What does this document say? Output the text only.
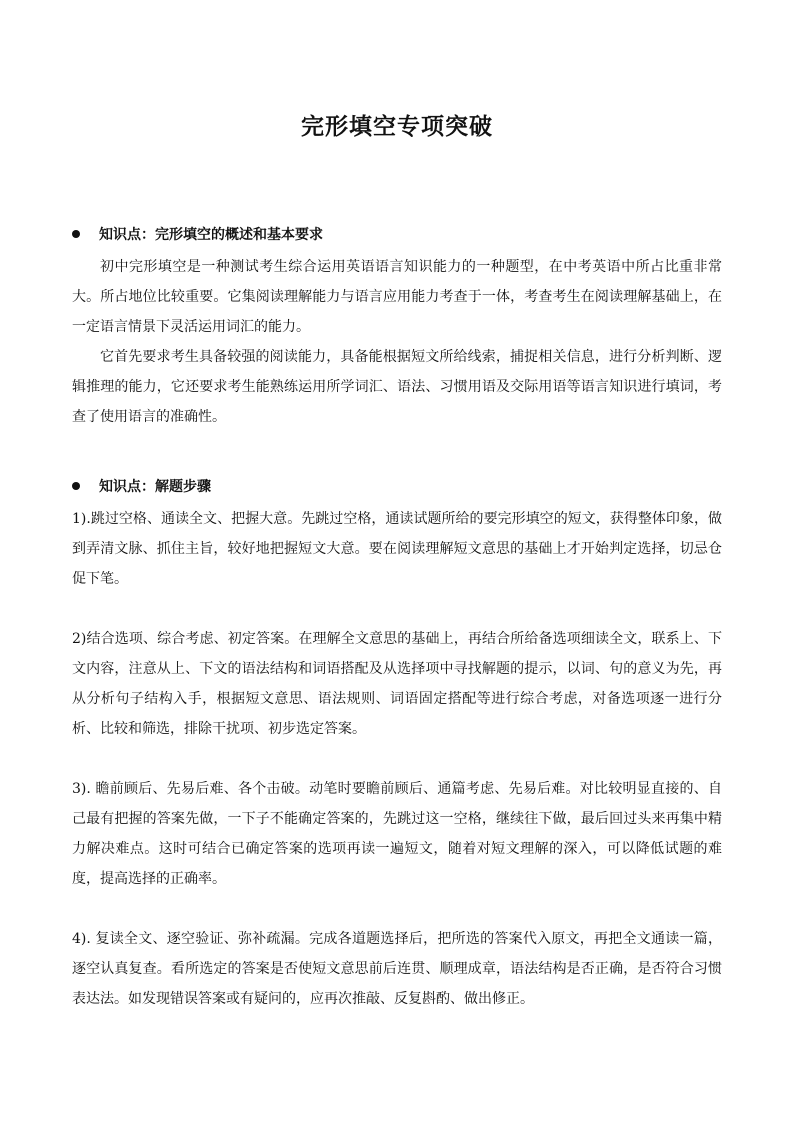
完形填空专项突破
知识点：完形填空的概述和基本要求

初中完形填空是一种测试考生综合运用英语语言知识能力的一种题型，在中考英语中所占比重非常大。所占地位比较重要。它集阅读理解能力与语言应用能力考查于一体，考查考生在阅读理解基础上，在一定语言情景下灵活运用词汇的能力。

它首先要求考生具备较强的阅读能力，具备能根据短文所给线索，捕捉相关信息，进行分析判断、逻辑推理的能力，它还要求考生能熟练运用所学词汇、语法、习惯用语及交际用语等语言知识进行填词，考查了使用语言的准确性。

知识点：解题步骤

1).跳过空格、通读全文、把握大意。先跳过空格，通读试题所给的要完形填空的短文，获得整体印象，做到弄清文脉、抓住主旨，较好地把握短文大意。要在阅读理解短文意思的基础上才开始判定选择，切忌仓促下笔。

2)结合选项、综合考虑、初定答案。在理解全文意思的基础上，再结合所给备选项细读全文，联系上、下文内容，注意从上、下文的语法结构和词语搭配及从选择项中寻找解题的提示，以词、句的意义为先，再从分析句子结构入手，根据短文意思、语法规则、词语固定搭配等进行综合考虑，对备选项逐一进行分析、比较和筛选，排除干扰项、初步选定答案。

3). 瞻前顾后、先易后难、各个击破。动笔时要瞻前顾后、通篇考虑、先易后难。对比较明显直接的、自己最有把握的答案先做，一下子不能确定答案的，先跳过这一空格，继续往下做，最后回过头来再集中精力解决难点。这时可结合已确定答案的选项再读一遍短文，随着对短文理解的深入，可以降低试题的难度，提高选择的正确率。

4). 复读全文、逐空验证、弥补疏漏。完成各道题选择后，把所选的答案代入原文，再把全文通读一篇，逐空认真复查。看所选定的答案是否使短文意思前后连贯、顺理成章，语法结构是否正确，是否符合习惯表达法。如发现错误答案或有疑问的，应再次推敲、反复斟酌、做出修正。
